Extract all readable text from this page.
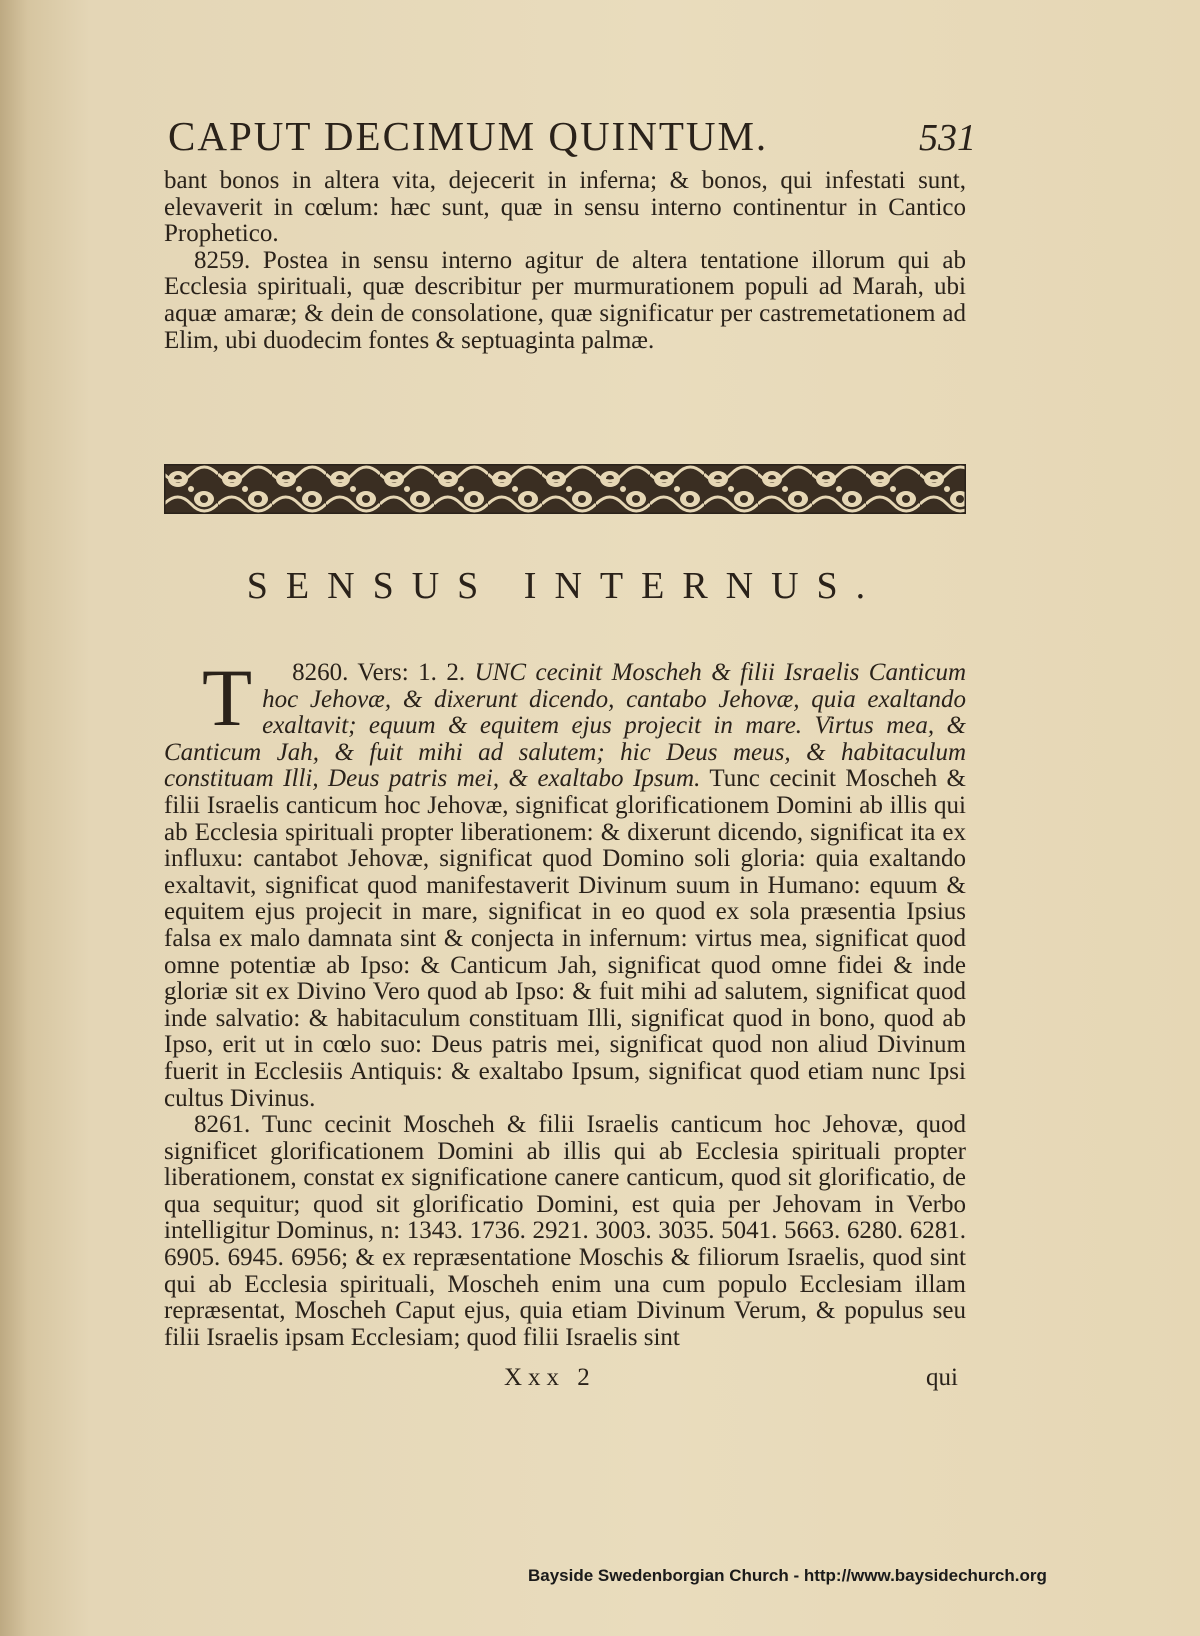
CAPUT DECIMUM QUINTUM.	531

bant bonos in altera vita, dejecerit in inferna; & bonos, qui infestati sunt, elevaverit in cœlum: hæc sunt, quæ in sensu interno continentur in Cantico Prophetico.

8259. Postea in sensu interno agitur de altera tentatione illorum qui ab Ecclesia spirituali, quæ describitur per murmurationem populi ad Marah, ubi aquæ amaræ; & dein de consolatione, quæ significatur per castremetationem ad Elim, ubi duodecim fontes & septuaginta palmæ.

SENSUS INTERNUS.

8260. Vers: 1. 2.
T	UNC cecinit Moscheh & filii Israelis Canticum hoc Jehovæ, & dixerunt dicendo, cantabo Jehovæ, quia exaltando exaltavit; equum & equitem ejus projecit in mare. Virtus mea, & Canticum Jah, & fuit mihi ad salutem; hic Deus meus, & habitaculum constituam Illi, Deus patris mei, & exaltabo Ipsum. Tunc cecinit Moscheh & filii Israelis canticum hoc Jehovæ, significat glorificationem Domini ab illis qui ab Ecclesia spirituali propter liberationem: & dixerunt dicendo, significat ita ex influxu: cantabot Jehovæ, significat quod Domino soli gloria: quia exaltando exaltavit, significat quod manifestaverit Divinum suum in Humano: equum & equitem ejus projecit in mare, significat in eo quod ex sola præsentia Ipsius falsa ex malo damnata sint & conjecta in infernum: virtus mea, significat quod omne potentiæ ab Ipso: & Canticum Jah, significat quod omne fidei & inde gloriæ sit ex Divino Vero quod ab Ipso: & fuit mihi ad salutem, significat quod inde salvatio: & habitaculum constituam Illi, significat quod in bono, quod ab Ipso, erit ut in cœlo suo: Deus patris mei, significat quod non aliud Divinum fuerit in Ecclesiis Antiquis: & exaltabo Ipsum, significat quod etiam nunc Ipsi cultus Divinus.

8261. Tunc cecinit Moscheh & filii Israelis canticum hoc Jehovæ, quod significet glorificationem Domini ab illis qui ab Ecclesia spirituali propter liberationem, constat ex significatione canere canticum, quod sit glorificatio, de qua sequitur; quod sit glorificatio Domini, est quia per Jehovam in Verbo intelligitur Dominus, n: 1343. 1736. 2921. 3003. 3035. 5041. 5663. 6280. 6281. 6905. 6945. 6956; & ex repræsentatione Moschis & filiorum Israelis, quod sint qui ab Ecclesia spirituali, Moscheh enim una cum populo Ecclesiam illam repræsentat, Moscheh Caput ejus, quia etiam Divinum Verum, & populus seu filii Israelis ipsam Ecclesiam; quod filii Israelis sint

Xxx 2	qui
Bayside Swedenborgian Church - http://www.baysidechurch.org
